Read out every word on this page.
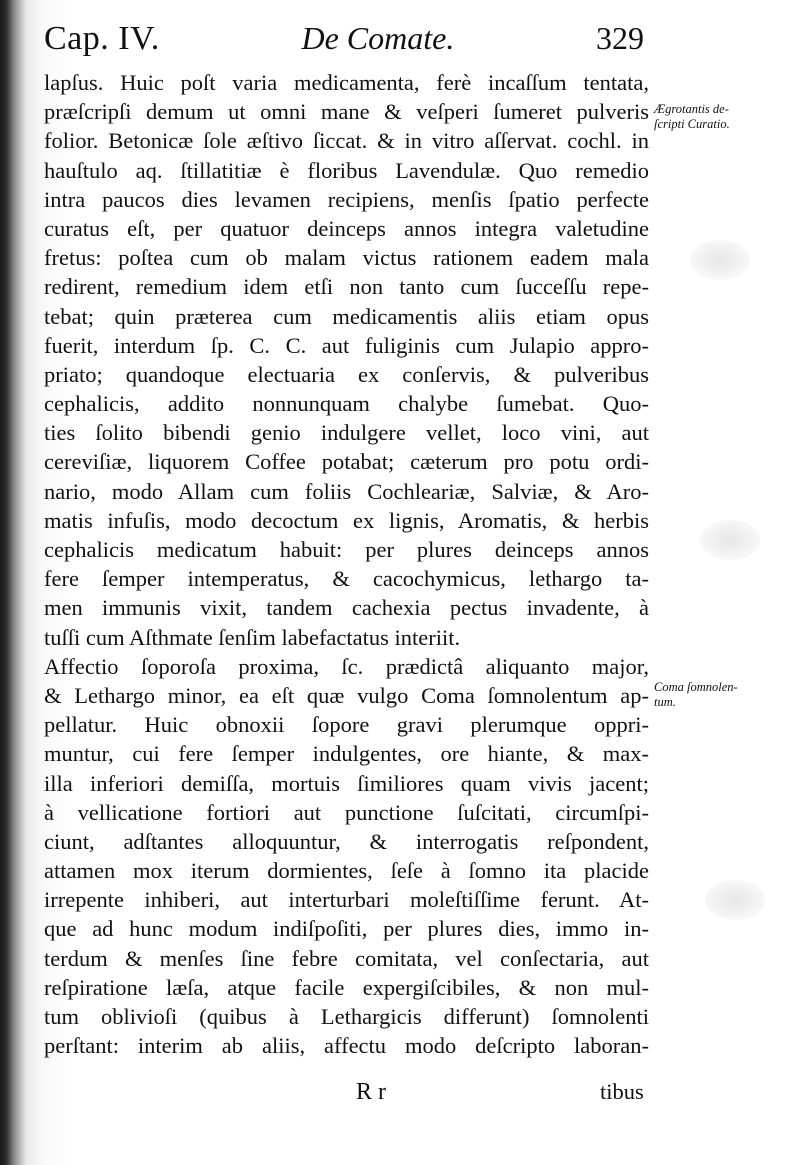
Cap. IV.	De Comate.	329
lapſus. Huic poſt varia medicamenta, ferè incaſſum tentata,
præſcripſi demum ut omni mane & veſperi ſumeret pulveris
folior. Betonicæ ſole æſtivo ſiccat. & in vitro aſſervat. cochl. in
hauſtulo aq. ſtillatitiæ è floribus Lavendulæ. Quo remedio
intra paucos dies levamen recipiens, menſis ſpatio perfecte
curatus eſt, per quatuor deinceps annos integra valetudine
fretus: poſtea cum ob malam victus rationem eadem mala
redirent, remedium idem etſi non tanto cum ſucceſſu repe-
tebat; quin præterea cum medicamentis aliis etiam opus
fuerit, interdum ſp. C. C. aut fuliginis cum Julapio appro-
priato; quandoque electuaria ex conſervis, & pulveribus
cephalicis, addito nonnunquam chalybe ſumebat. Quo-
ties ſolito bibendi genio indulgere vellet, loco vini, aut
cereviſiæ, liquorem Coffee potabat; cæterum pro potu ordi-
nario, modo Allam cum foliis Cochleariæ, Salviæ, & Aro-
matis infuſis, modo decoctum ex lignis, Aromatis, & herbis
cephalicis medicatum habuit: per plures deinceps annos
fere ſemper intemperatus, & cacochymicus, lethargo ta-
men immunis vixit, tandem cachexia pectus invadente, à
tuſſi cum Aſthmate ſenſim labefactatus interiit.
Affectio ſoporoſa proxima, ſc. prædictâ aliquanto major,
& Lethargo minor, ea eſt quæ vulgo Coma ſomnolentum ap-
pellatur. Huic obnoxii ſopore gravi plerumque oppri-
muntur, cui fere ſemper indulgentes, ore hiante, & max-
illa inferiori demiſſa, mortuis ſimiliores quam vivis jacent;
à vellicatione fortiori aut punctione ſuſcitati, circumſpi-
ciunt, adſtantes alloquuntur, & interrogatis reſpondent,
attamen mox iterum dormientes, ſeſe à ſomno ita placide
irrepente inhiberi, aut interturbari moleſtiſſime ferunt. At-
que ad hunc modum indiſpoſiti, per plures dies, immo in-
terdum & menſes ſine febre comitata, vel conſectaria, aut
reſpiratione læſa, atque facile expergiſcibiles, & non mul-
tum oblivioſi (quibus à Lethargicis differunt) ſomnolenti
perſtant: interim ab aliis, affectu modo deſcripto laboran-
Ægrotantis de-
ſcripti Curatio.
Coma ſomnolen-
tum.
Rr	tibus
